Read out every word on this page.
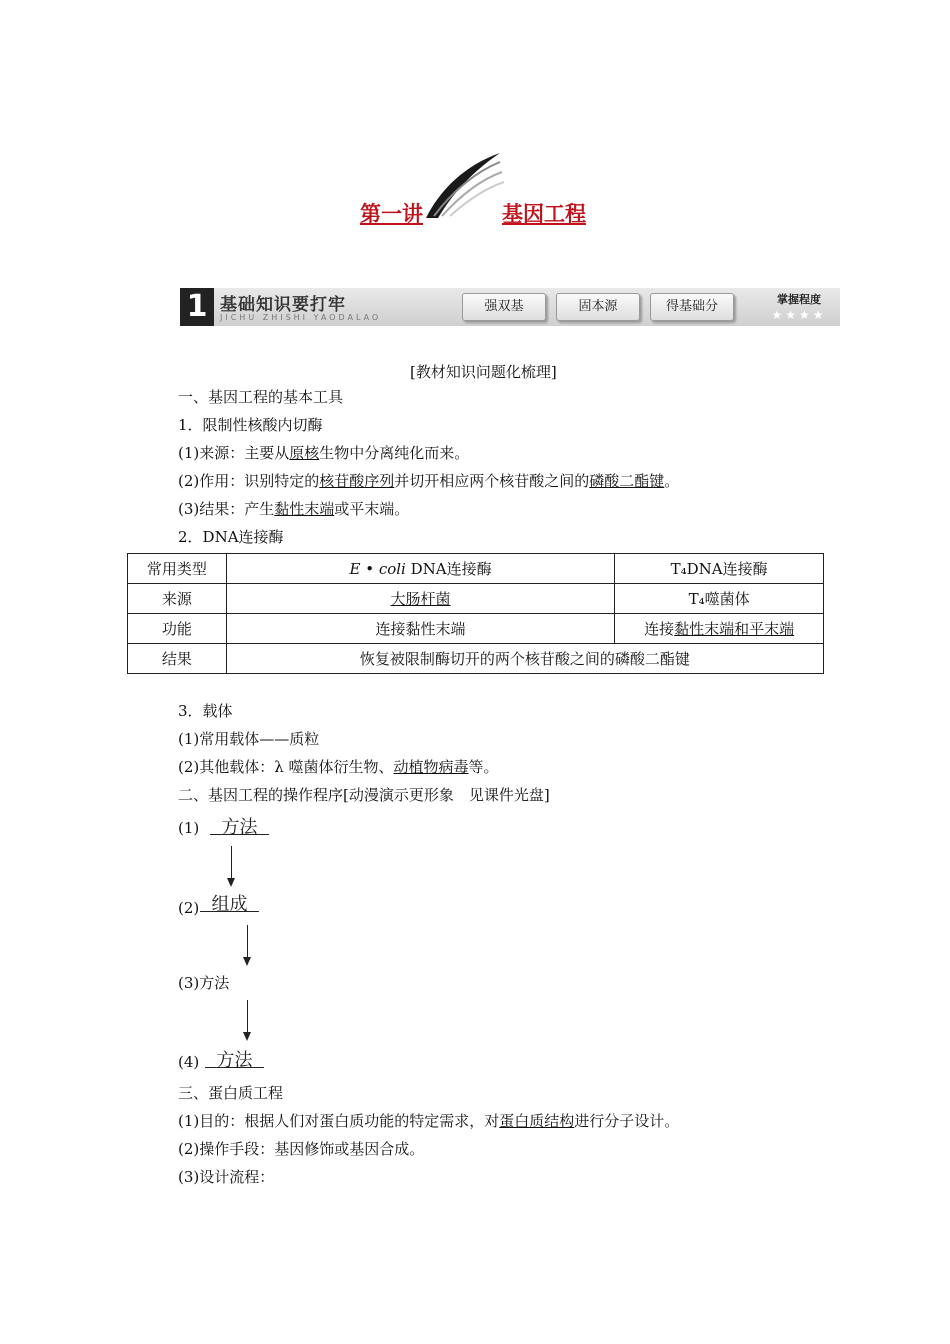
第一讲	基因工程
1 基础知识要打牢
JICHU ZHISHI YAODALAO
强双基	固本源	得基础分	掌握程度
★★★★
[教材知识问题化梳理]
一、基因工程的基本工具
1．限制性核酸内切酶
(1)来源：主要从原核生物中分离纯化而来。
(2)作用：识别特定的核苷酸序列并切开相应两个核苷酸之间的磷酸二酯键。
(3)结果：产生黏性末端或平末端。
2．DNA连接酶
常用类型	E • coli DNA连接酶	T₄DNA连接酶
来源	大肠杆菌	T₄噬菌体
功能	连接黏性末端	连接黏性末端和平末端
结果	恢复被限制酶切开的两个核苷酸之间的磷酸二酯键	
3．载体
(1)常用载体——质粒
(2)其他载体：λ 噬菌体衍生物、动植物病毒等。
二、基因工程的操作程序[动漫演示更形象　见课件光盘]
(1)	方法
(2) 组成
(3)方法
(4) 方法
三、蛋白质工程
(1)目的：根据人们对蛋白质功能的特定需求，对蛋白质结构进行分子设计。
(2)操作手段：基因修饰或基因合成。
(3)设计流程：
